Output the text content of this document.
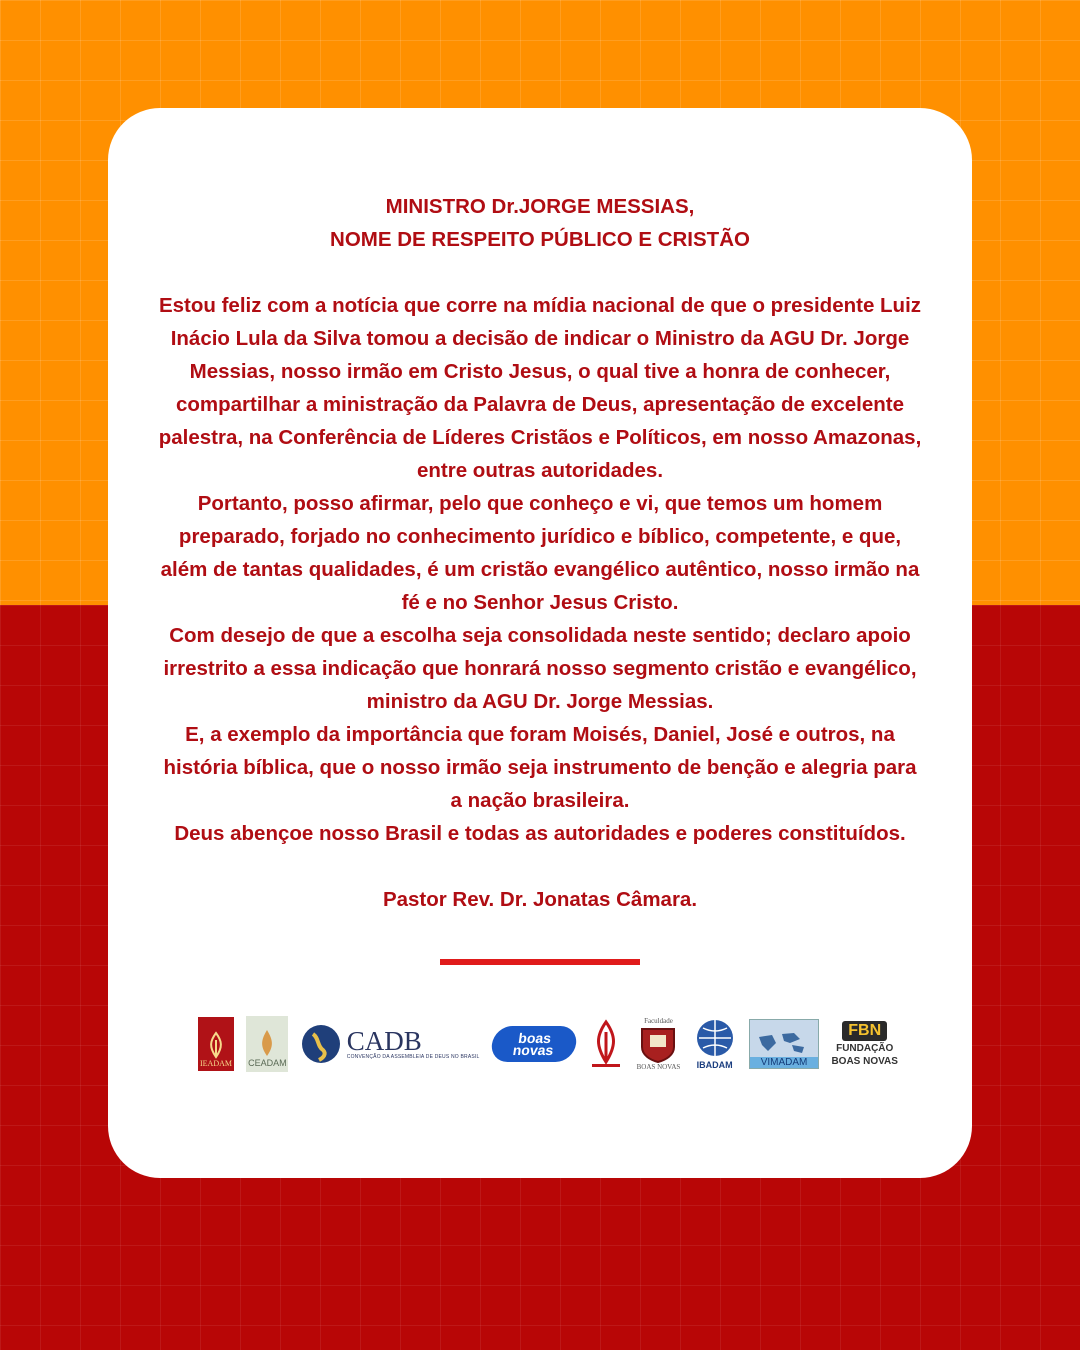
MINISTRO Dr.JORGE MESSIAS,

NOME DE RESPEITO PÚBLICO E CRISTÃO

Estou feliz com a notícia que corre na mídia nacional de que o presidente Luiz Inácio Lula da Silva tomou a decisão de indicar o Ministro da AGU Dr. Jorge Messias, nosso irmão em Cristo Jesus, o qual tive a honra de conhecer, compartilhar a ministração da Palavra de Deus, apresentação de excelente palestra, na Conferência de Líderes Cristãos e Políticos, em nosso Amazonas, entre outras autoridades.

Portanto, posso afirmar, pelo que conheço e vi, que temos um homem preparado, forjado no conhecimento jurídico e bíblico, competente, e que, além de tantas qualidades, é um cristão evangélico autêntico, nosso irmão na fé e no Senhor Jesus Cristo.

Com desejo de que a escolha seja consolidada neste sentido; declaro apoio irrestrito a essa indicação que honrará nosso segmento cristão e evangélico, ministro da AGU Dr. Jorge Messias.

E, a exemplo da importância que foram Moisés, Daniel, José e outros, na história bíblica, que o nosso irmão seja instrumento de benção e alegria para a nação brasileira.

Deus abençoe nosso Brasil e todas as autoridades e poderes constituídos.

Pastor Rev. Dr. Jonatas Câmara.

IEADAM CEADAM
CADB
CONVENÇÃO DA ASSEMBLEIA DE DEUS NO BRASIL
boas
novas
Faculdade
BOAS NOVAS IBADAM	VIMADAM
FBN
FUNDAÇÃO
BOAS NOVAS
